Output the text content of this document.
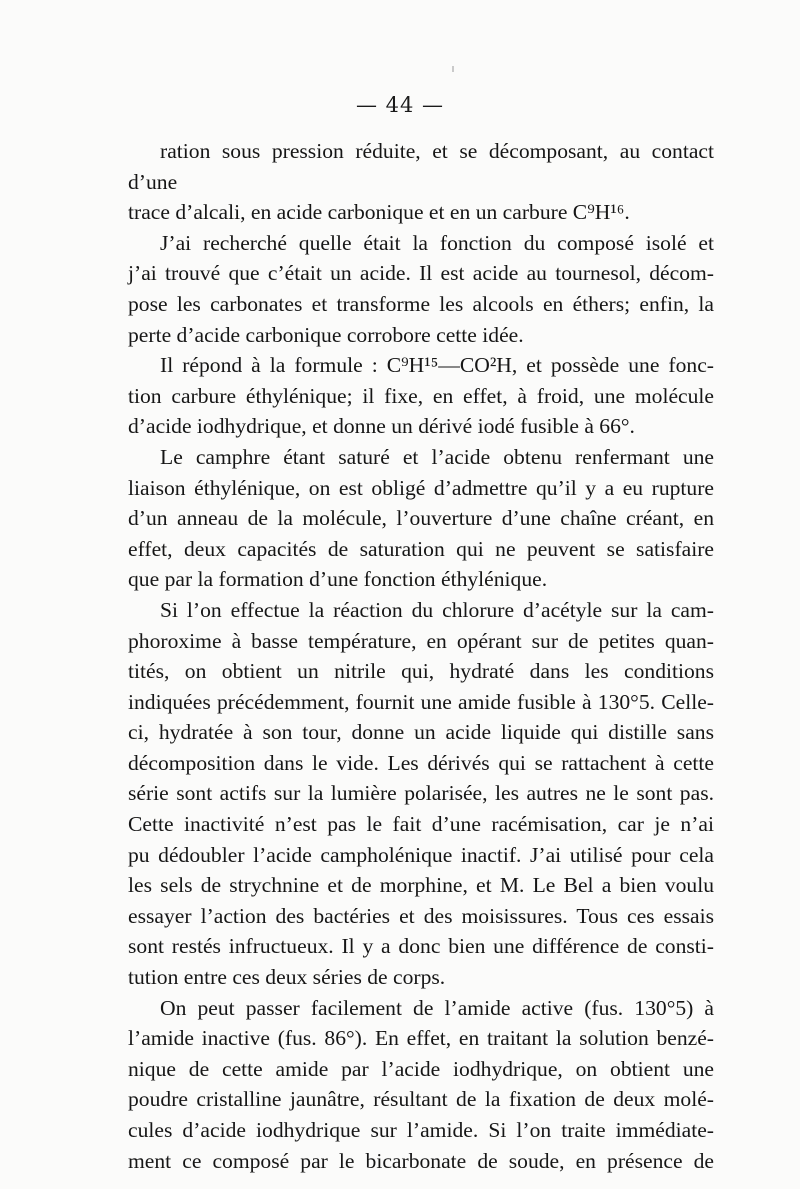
— 44 —

ration sous pression réduite, et se décomposant, au contact d’une
trace d’alcali, en acide carbonique et en un carbure C⁹H¹⁶.

J’ai recherché quelle était la fonction du composé isolé et
j’ai trouvé que c’était un acide. Il est acide au tournesol, décom-
pose les carbonates et transforme les alcools en éthers; enfin, la
perte d’acide carbonique corrobore cette idée.

Il répond à la formule : C⁹H¹⁵—CO²H, et possède une fonc-
tion carbure éthylénique; il fixe, en effet, à froid, une molécule
d’acide iodhydrique, et donne un dérivé iodé fusible à 66°.

Le camphre étant saturé et l’acide obtenu renfermant une
liaison éthylénique, on est obligé d’admettre qu’il y a eu rupture
d’un anneau de la molécule, l’ouverture d’une chaîne créant, en
effet, deux capacités de saturation qui ne peuvent se satisfaire
que par la formation d’une fonction éthylénique.

Si l’on effectue la réaction du chlorure d’acétyle sur la cam-
phoroxime à basse température, en opérant sur de petites quan-
tités, on obtient un nitrile qui, hydraté dans les conditions
indiquées précédemment, fournit une amide fusible à 130°5. Celle-
ci, hydratée à son tour, donne un acide liquide qui distille sans
décomposition dans le vide. Les dérivés qui se rattachent à cette
série sont actifs sur la lumière polarisée, les autres ne le sont pas.
Cette inactivité n’est pas le fait d’une racémisation, car je n’ai
pu dédoubler l’acide campholénique inactif. J’ai utilisé pour cela
les sels de strychnine et de morphine, et M. Le Bel a bien voulu
essayer l’action des bactéries et des moisissures. Tous ces essais
sont restés infructueux. Il y a donc bien une différence de consti-
tution entre ces deux séries de corps.

On peut passer facilement de l’amide active (fus. 130°5) à
l’amide inactive (fus. 86°). En effet, en traitant la solution benzé-
nique de cette amide par l’acide iodhydrique, on obtient une
poudre cristalline jaunâtre, résultant de la fixation de deux molé-
cules d’acide iodhydrique sur l’amide. Si l’on traite immédiate-
ment ce composé par le bicarbonate de soude, en présence de
